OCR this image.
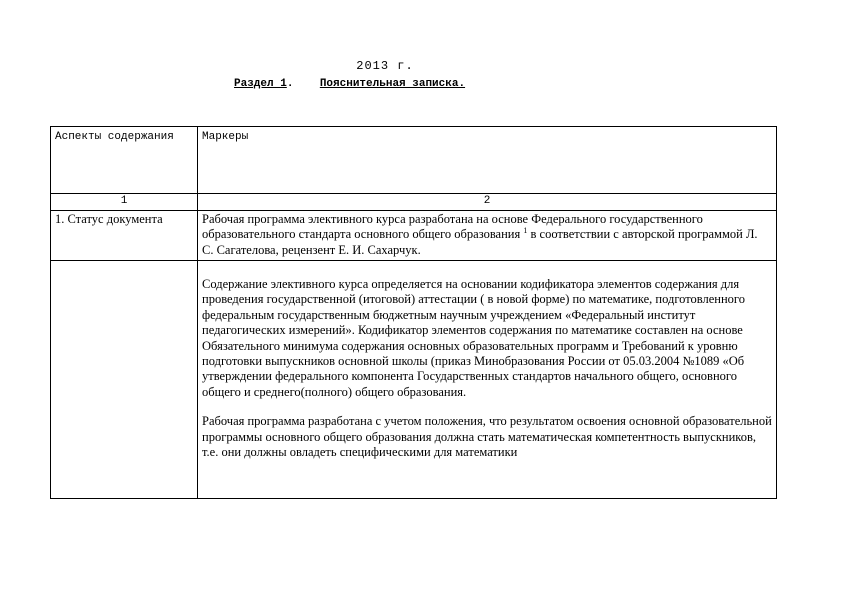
2013 г.
Раздел 1. Пояснительная записка.
Аспекты содержания	Маркеры
1	2
1. Статус документа	Рабочая программа элективного курса разработана на основе Федерального государственного образовательного стандарта основного общего образования $^1$ в соответствии с авторской программой Л. С. Сагателова, рецензент Е. И. Сахарчук.

	Содержание элективного курса определяется на основании кодификатора элементов содержания для проведения государственной (итоговой) аттестации ( в новой форме) по математике, подготовленного федеральным государственным бюджетным научным учреждением «Федеральный институт педагогических измерений». Кодификатор элементов содержания по математике составлен на основе Обязательного минимума содержания основных образовательных программ и Требований к уровню подготовки выпускников основной школы (приказ Минобразования России от 05.03.2004 №1089 «Об утверждении федерального компонента Государственных стандартов начального общего, основного общего и среднего(полного) общего образования.

Рабочая программа разработана с учетом положения, что результатом освоения основной образовательной программы основного общего образования должна стать математическая компетентность выпускников, т.е. они должны овладеть специфическими для математики
